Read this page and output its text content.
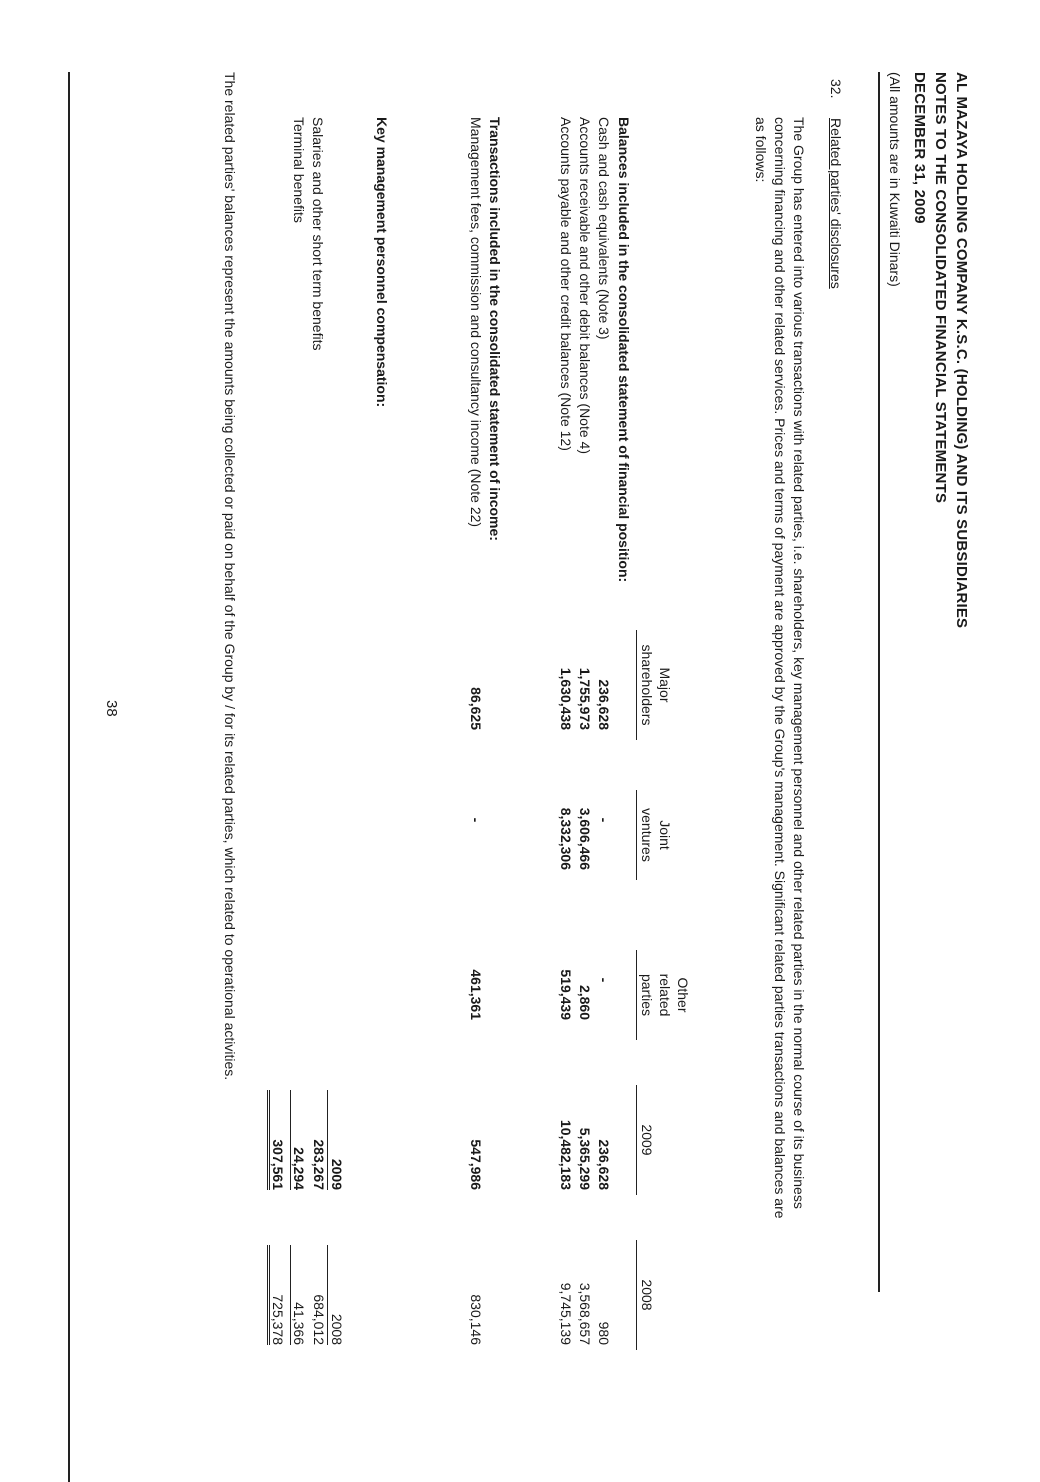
AL MAZAYA HOLDING COMPANY K.S.C. (HOLDING) AND ITS SUBSIDIARIES
NOTES TO THE CONSOLIDATED FINANCIAL STATEMENTS
DECEMBER 31, 2009
(All amounts are in Kuwaiti Dinars)
32.
Related parties' disclosures
The Group has entered into various transactions with related parties, i.e. shareholders, key management personnel and other related parties in the normal course of its business
concerning financing and other related services. Prices and terms of payment are approved by the Group's management. Significant related parties transactions and balances are
as follows:
Major
shareholders
Joint
ventures
Other
related
parties
2009
2008
Balances included in the consolidated statement of financial position:
Cash and cash equivalents (Note 3)
236,628
-
-
236,628
980
Accounts receivable and other debit balances (Note 4)
1,755,973
3,606,466
2,860
5,365,299
3,568,657
Accounts payable and other credit balances (Note 12)
1,630,438
8,332,306
519,439
10,482,183
9,745,139
Transactions included in the consolidated statement of income:
Management fees, commission and consultancy income (Note 22)
86,625
-
461,361
547,986
830,146
Key management personnel compensation:
2009
2008
Salaries and other short term benefits
283,267
684,012
Terminal benefits
24,294
41,366
307,561
725,378
The related parties' balances represent the amounts being collected or paid on behalf of the Group by / for its related parties, which related to operational activities.
38
